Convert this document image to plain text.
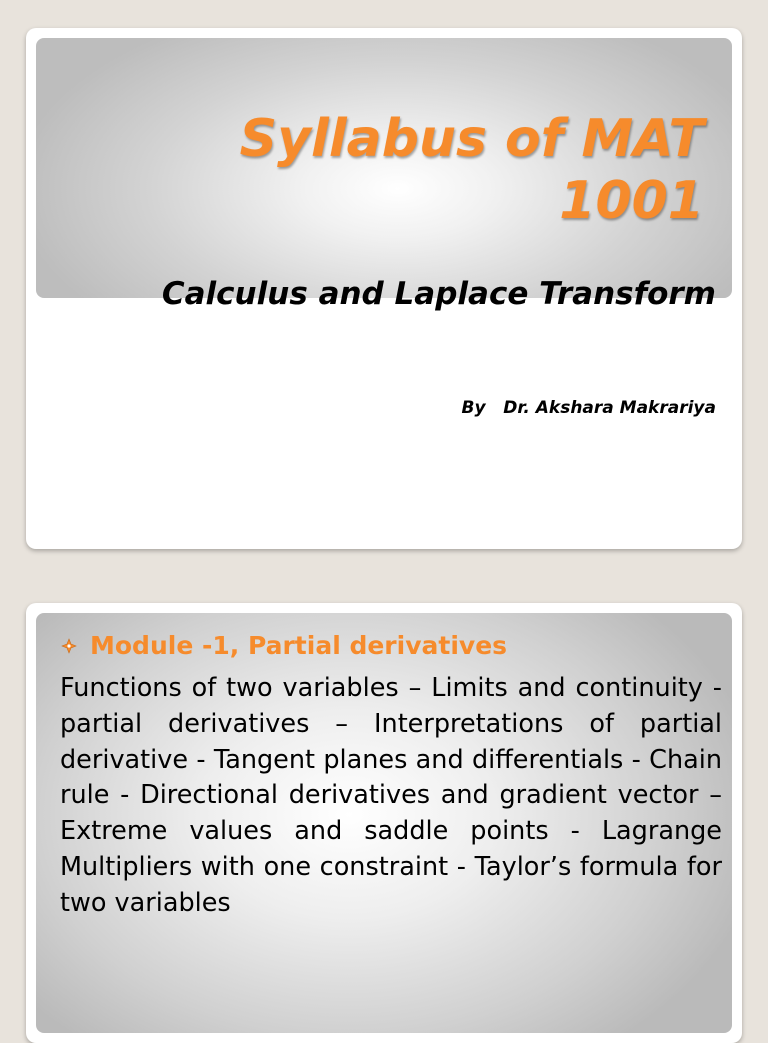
Syllabus of MAT 1001
Calculus and Laplace Transform
By   Dr. Akshara Makrariya
Module -1, Partial derivatives

Functions of two variables – Limits and continuity - partial derivatives – Interpretations of partial derivative - Tangent planes and differentials - Chain rule - Directional derivatives and gradient vector – Extreme values and saddle points - Lagrange Multipliers with one constraint - Taylor’s formula for two variables
